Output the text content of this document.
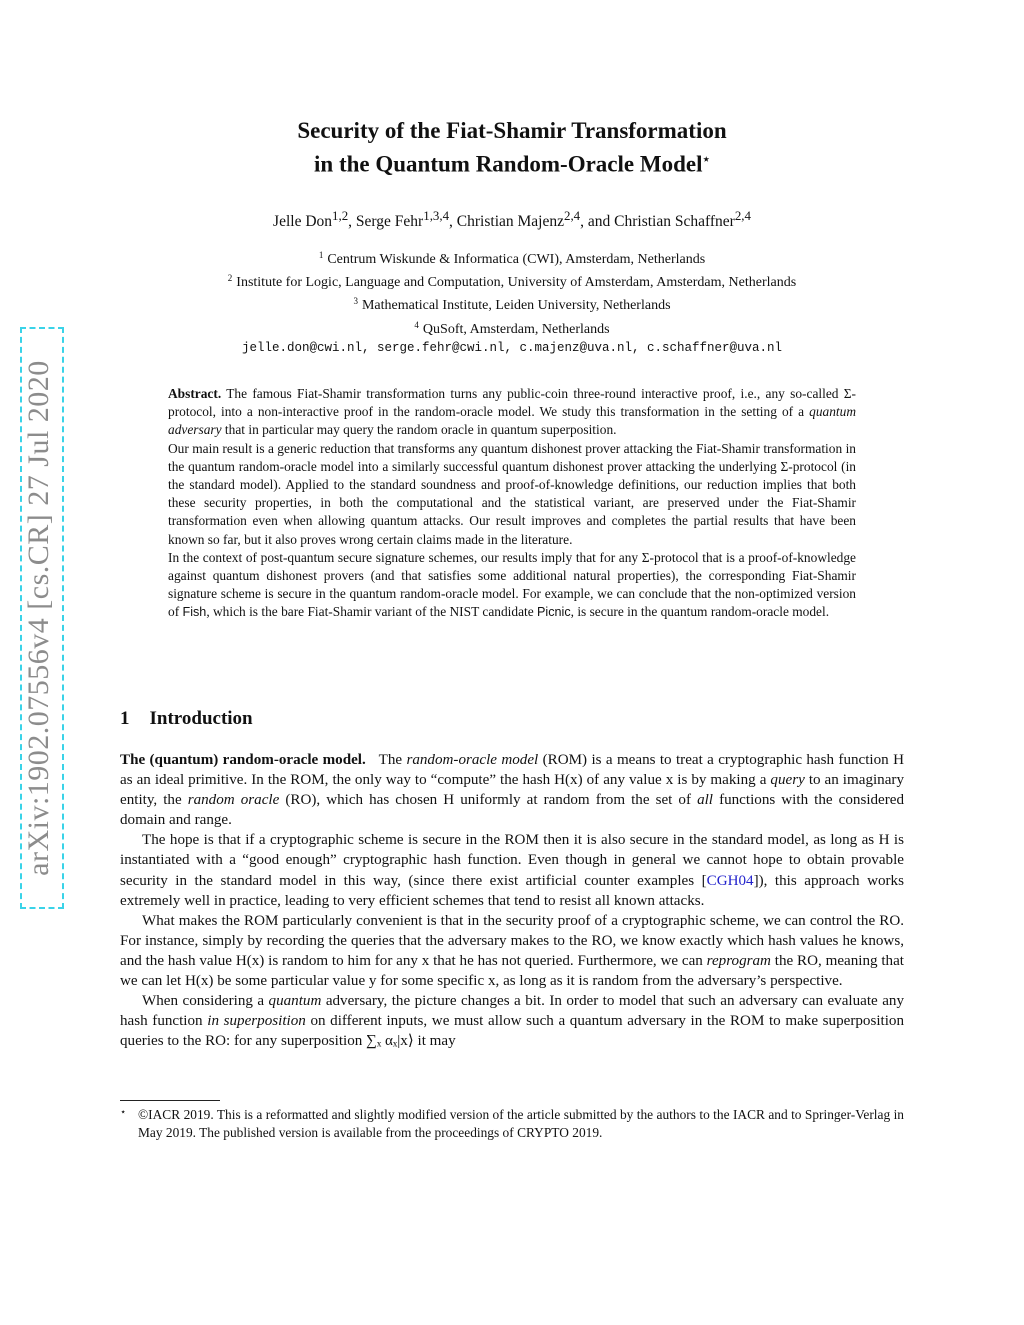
arXiv:1902.07556v4 [cs.CR] 27 Jul 2020
Security of the Fiat-Shamir Transformation
in the Quantum Random-Oracle Model⋆
Jelle Don$^{1,2}$, Serge Fehr$^{1,3,4}$, Christian Majenz$^{2,4}$, and Christian Schaffner$^{2,4}$
$^1$ Centrum Wiskunde & Informatica (CWI), Amsterdam, Netherlands
$^2$ Institute for Logic, Language and Computation, University of Amsterdam, Amsterdam, Netherlands
$^3$ Mathematical Institute, Leiden University, Netherlands
$^4$ QuSoft, Amsterdam, Netherlands
jelle.don@cwi.nl, serge.fehr@cwi.nl, c.majenz@uva.nl, c.schaffner@uva.nl

Abstract. The famous Fiat-Shamir transformation turns any public-coin three-round interactive proof, i.e., any so-called Σ-protocol, into a non-interactive proof in the random-oracle model. We study this transformation in the setting of a quantum adversary that in particular may query the random oracle in quantum superposition.

Our main result is a generic reduction that transforms any quantum dishonest prover attacking the Fiat-Shamir transformation in the quantum random-oracle model into a similarly successful quantum dishonest prover attacking the underlying Σ-protocol (in the standard model). Applied to the standard soundness and proof-of-knowledge definitions, our reduction implies that both these security properties, in both the computational and the statistical variant, are preserved under the Fiat-Shamir transformation even when allowing quantum attacks. Our result improves and completes the partial results that have been known so far, but it also proves wrong certain claims made in the literature.

In the context of post-quantum secure signature schemes, our results imply that for any Σ-protocol that is a proof-of-knowledge against quantum dishonest provers (and that satisfies some additional natural properties), the corresponding Fiat-Shamir signature scheme is secure in the quantum random-oracle model. For example, we can conclude that the non-optimized version of Fish, which is the bare Fiat-Shamir variant of the NIST candidate Picnic, is secure in the quantum random-oracle model.

1 Introduction

The (quantum) random-oracle model. The random-oracle model (ROM) is a means to treat a cryptographic hash function H as an ideal primitive. In the ROM, the only way to “compute” the hash H(x) of any value x is by making a query to an imaginary entity, the random oracle (RO), which has chosen H uniformly at random from the set of all functions with the considered domain and range.

The hope is that if a cryptographic scheme is secure in the ROM then it is also secure in the standard model, as long as H is instantiated with a “good enough” cryptographic hash function. Even though in general we cannot hope to obtain provable security in the standard model in this way, (since there exist artificial counter examples [CGH04]), this approach works extremely well in practice, leading to very efficient schemes that tend to resist all known attacks.

What makes the ROM particularly convenient is that in the security proof of a cryptographic scheme, we can control the RO. For instance, simply by recording the queries that the adversary makes to the RO, we know exactly which hash values he knows, and the hash value H(x) is random to him for any x that he has not queried. Furthermore, we can reprogram the RO, meaning that we can let H(x) be some particular value y for some specific x, as long as it is random from the adversary’s perspective.

When considering a quantum adversary, the picture changes a bit. In order to model that such an adversary can evaluate any hash function in superposition on different inputs, we must allow such a quantum adversary in the ROM to make superposition queries to the RO: for any superposition ∑ₓ αₓ|x⟩ it may

⋆ ©IACR 2019. This is a reformatted and slightly modified version of the article submitted by the authors to the IACR and to Springer-Verlag in May 2019. The published version is available from the proceedings of CRYPTO 2019.
